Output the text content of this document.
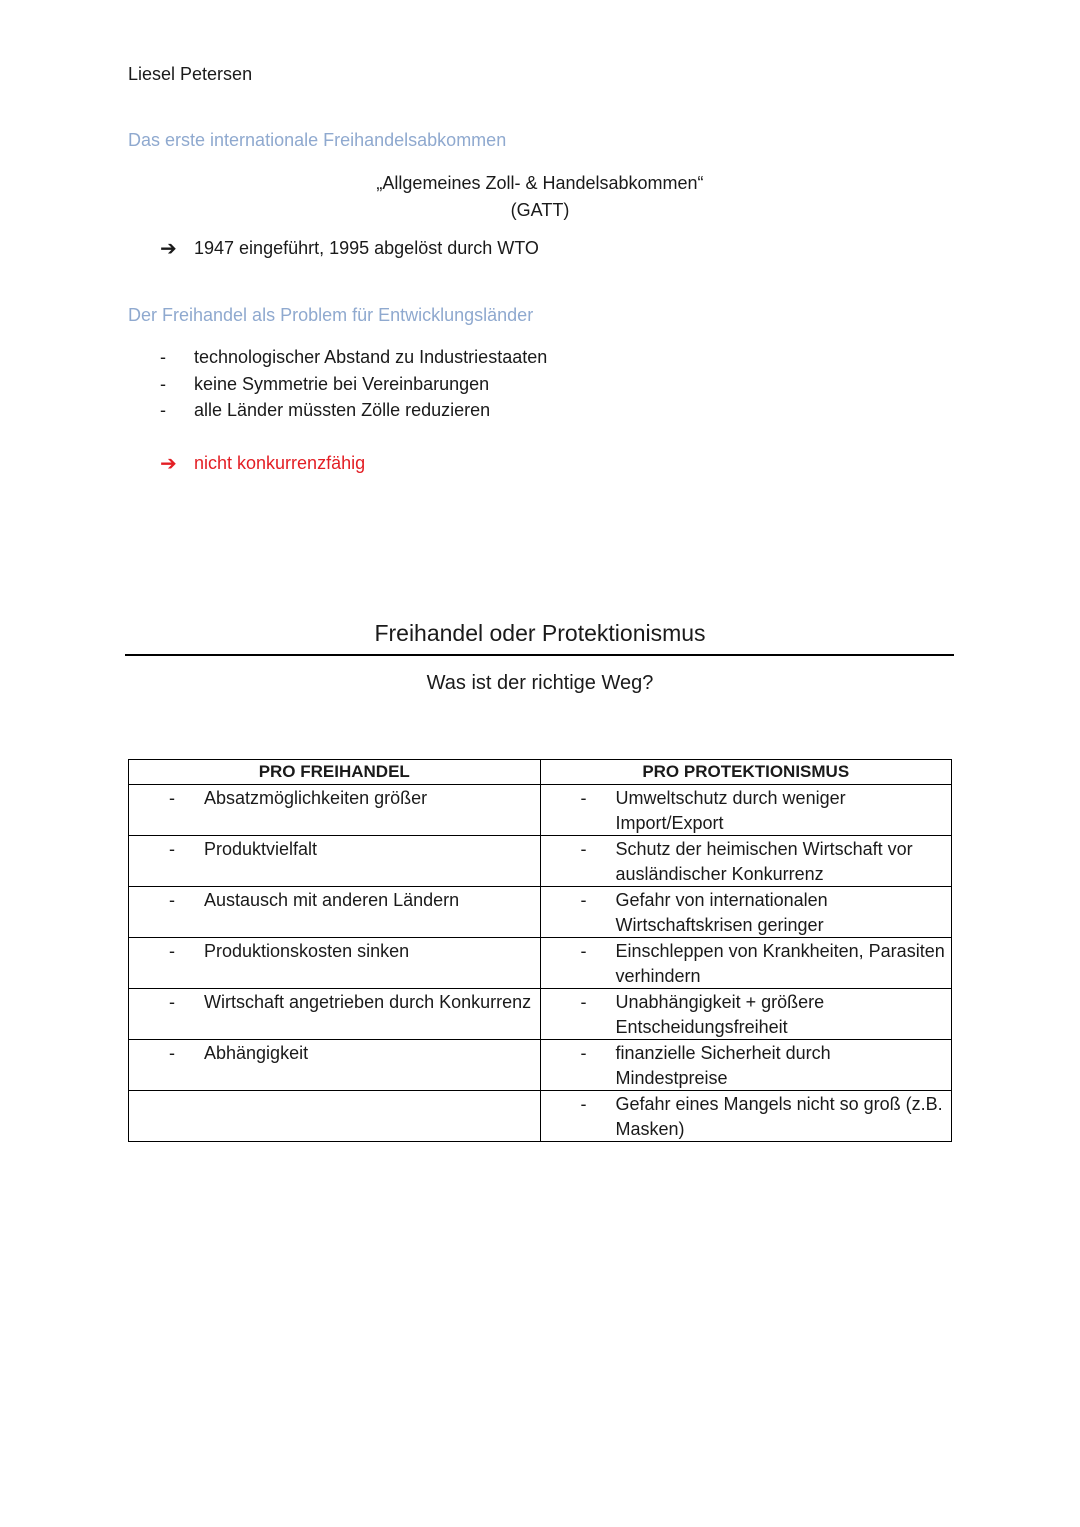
Liesel Petersen
Das erste internationale Freihandelsabkommen
„Allgemeines Zoll- & Handelsabkommen“
(GATT)
➔ 1947 eingeführt, 1995 abgelöst durch WTO
Der Freihandel als Problem für Entwicklungsländer
-	technologischer Abstand zu Industriestaaten
-	keine Symmetrie bei Vereinbarungen
-	alle Länder müssten Zölle reduzieren
➔ nicht konkurrenzfähig
Freihandel oder Protektionismus
Was ist der richtige Weg?
PRO FREIHANDEL	PRO PROTEKTIONISMUS

- Absatzmöglichkeiten größer	- Umweltschutz durch weniger Import/Export

- Produktvielfalt	- Schutz der heimischen Wirtschaft vor ausländischer Konkurrenz

- Austausch mit anderen Ländern	- Gefahr von internationalen Wirtschaftskrisen geringer

- Produktionskosten sinken	- Einschleppen von Krankheiten, Parasiten verhindern

- Wirtschaft angetrieben durch Konkurrenz	- Unabhängigkeit + größere Entscheidungsfreiheit

- Abhängigkeit	- finanzielle Sicherheit durch Mindestpreise

	- Gefahr eines Mangels nicht so groß (z.B. Masken)
